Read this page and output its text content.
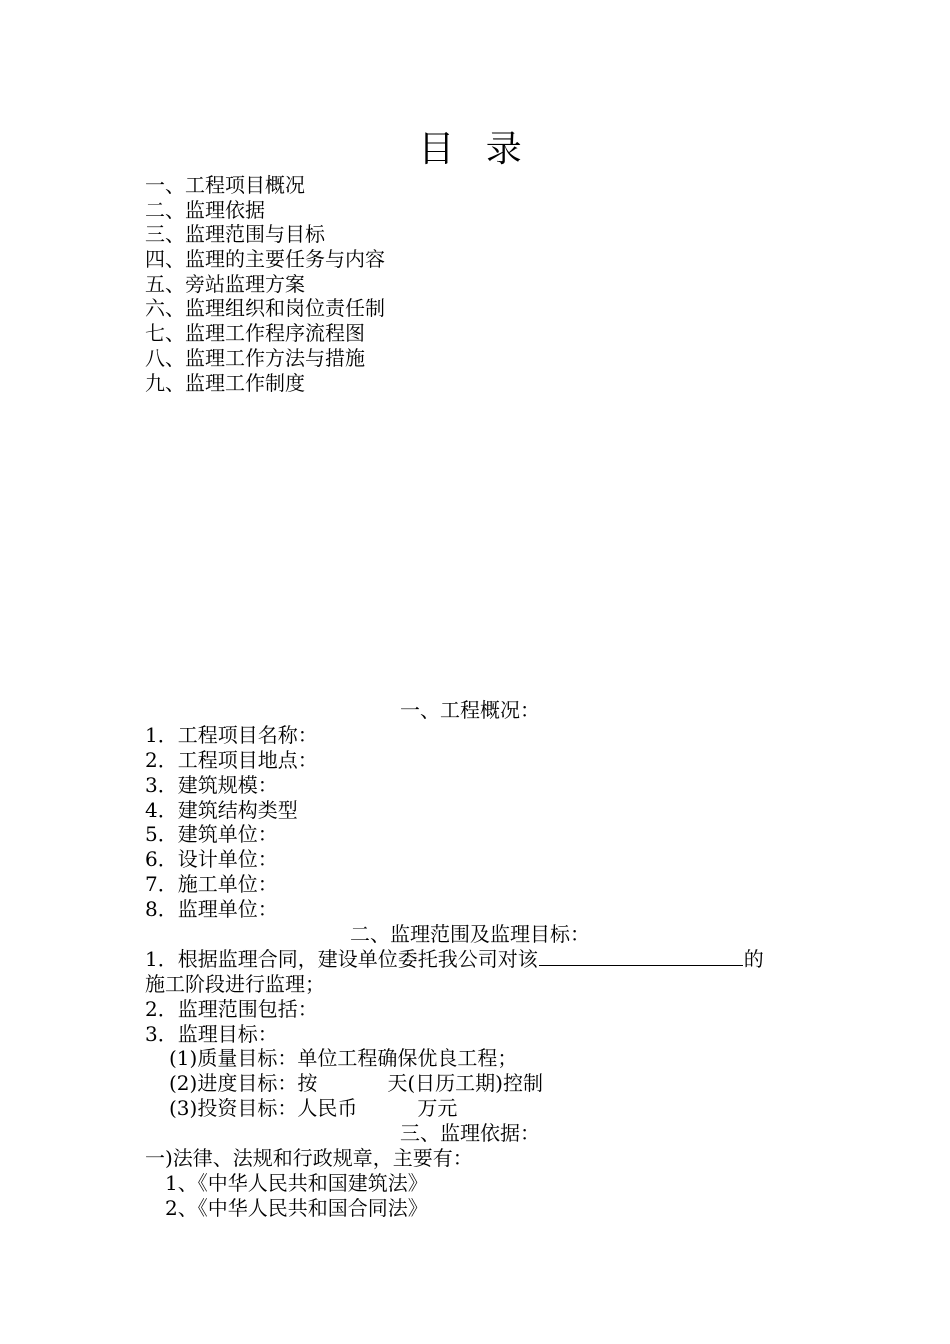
目 录
一、工程项目概况
二、监理依据
三、监理范围与目标
四、监理的主要任务与内容
五、旁站监理方案
六、监理组织和岗位责任制
七、监理工作程序流程图
八、监理工作方法与措施
九、监理工作制度
一、工程概况：
1．工程项目名称：
2．工程项目地点：
3．建筑规模：
4．建筑结构类型
5．建筑单位：
6．设计单位：
7．施工单位：
8．监理单位：
二、监理范围及监理目标：
1．根据监理合同，建设单位委托我公司对该	的
施工阶段进行监理；
2．监理范围包括：
3．监理目标：
(1)质量目标：单位工程确保优良工程；
(2)进度目标：按	天(日历工期)控制
(3)投资目标：人民币	万元
三、监理依据：
一)法律、法规和行政规章，主要有：
1、《中华人民共和国建筑法》
2、《中华人民共和国合同法》
